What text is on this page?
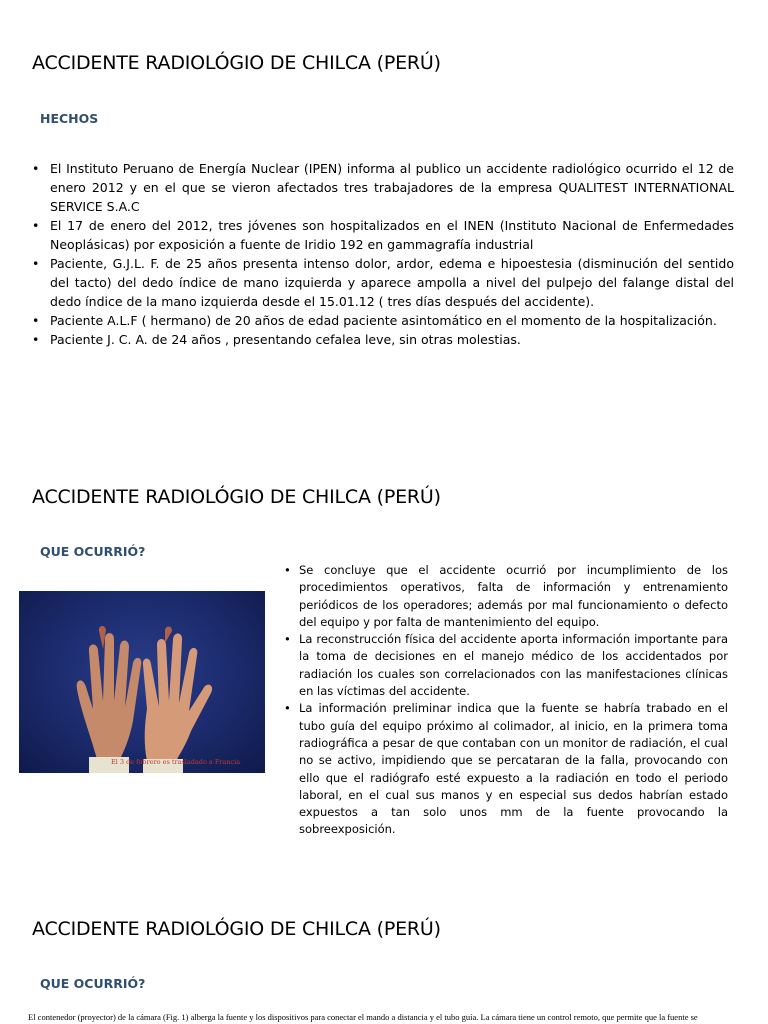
ACCIDENTE RADIOLÓGIO DE CHILCA (PERÚ)
HECHOS
• El Instituto Peruano de Energía Nuclear (IPEN) informa al publico un accidente radiológico ocurrido el 12 de enero 2012 y en el que se vieron afectados tres trabajadores de la empresa QUALITEST INTERNATIONAL SERVICE S.A.C
• El 17 de enero del 2012, tres jóvenes son hospitalizados en el INEN (Instituto Nacional de Enfermedades Neoplásicas) por exposición a fuente de Iridio 192 en gammagrafía industrial
• Paciente, G.J.L. F. de 25 años presenta intenso dolor, ardor, edema e hipoestesia (disminución del sentido del tacto) del dedo índice de mano izquierda y aparece ampolla a nivel del pulpejo del falange distal del dedo índice de la mano izquierda desde el 15.01.12 ( tres días después del accidente).
• Paciente A.L.F ( hermano) de 20 años de edad paciente asintomático en el momento de la hospitalización.
• Paciente J. C. A. de 24 años , presentando cefalea leve, sin otras molestias.
ACCIDENTE RADIOLÓGIO DE CHILCA (PERÚ)
QUE OCURRIÓ?

El 3 de febrero es trasladado a Francia

• Se concluye que el accidente ocurrió por incumplimiento de los procedimientos operativos, falta de información y entrenamiento periódicos de los operadores; además por mal funcionamiento o defecto del equipo y por falta de mantenimiento del equipo.
• La reconstrucción física del accidente aporta información importante para la toma de decisiones en el manejo médico de los accidentados por radiación los cuales son correlacionados con las manifestaciones clínicas en las víctimas del accidente.
• La información preliminar indica que la fuente se habría trabado en el tubo guía del equipo próximo al colimador, al inicio, en la primera toma radiográfica a pesar de que contaban con un monitor de radiación, el cual no se activo, impidiendo que se percataran de la falla, provocando con ello que el radiógrafo esté expuesto a la radiación en todo el periodo laboral, en el cual sus manos y en especial sus dedos habrían estado expuestos a tan solo unos mm de la fuente provocando la sobreexposición.
ACCIDENTE RADIOLÓGIO DE CHILCA (PERÚ)
QUE OCURRIÓ?

El contenedor (proyector) de la cámara (Fig. 1) alberga la fuente y los dispositivos para conectar el mando a distancia y el tubo guía. La cámara tiene un control remoto, que permite que la fuente se
